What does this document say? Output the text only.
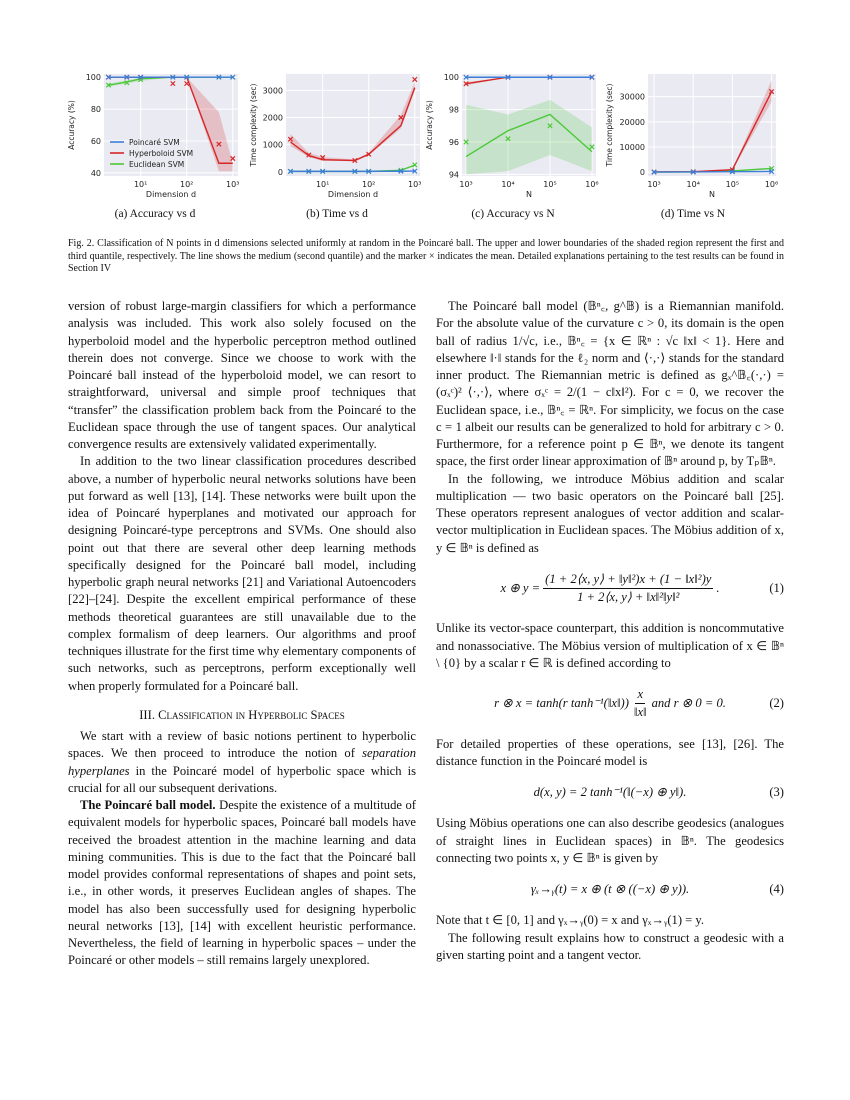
40
60
80
100
10¹	10²	10³
Dimension d
Accuracy (%)	Poincaré SVM
Hyperboloid SVM
Euclidean SVM
0
1000
2000
3000
10¹	10²	10³
Dimension d
Time complexity (sec)
94
96
98
100
10³	10⁴	10⁵	10⁶
N
Accuracy (%)
0
10000
20000
30000
10³	10⁴	10⁵	10⁶
N
Time complexity (sec)
(a) Accuracy vs d	(b) Time vs d	(c) Accuracy vs N	(d) Time vs N
Fig. 2. Classification of N points in d dimensions selected uniformly at random in the Poincaré ball. The upper and lower boundaries of the shaded region represent the first and third quantile, respectively. The line shows the medium (second quantile) and the marker × indicates the mean. Detailed explanations pertaining to the test results can be found in Section IV

version of robust large-margin classifiers for which a performance analysis was included. This work also solely focused on the hyperboloid model and the hyperbolic perceptron method outlined therein does not converge. Since we choose to work with the Poincaré ball instead of the hyperboloid model, we can resort to straightforward, universal and simple proof techniques that “transfer” the classification problem back from the Poincaré to the Euclidean space through the use of tangent spaces. Our analytical convergence results are extensively validated experimentally.

In addition to the two linear classification procedures described above, a number of hyperbolic neural networks solutions have been put forward as well [13], [14]. These networks were built upon the idea of Poincaré hyperplanes and motivated our approach for designing Poincaré-type perceptrons and SVMs. One should also point out that there are several other deep learning methods specifically designed for the Poincaré ball model, including hyperbolic graph neural networks [21] and Variational Autoencoders [22]–[24]. Despite the excellent empirical performance of these methods theoretical guarantees are still unavailable due to the complex formalism of deep learners. Our algorithms and proof techniques illustrate for the first time why elementary components of such networks, such as perceptrons, perform exceptionally well when properly formulated for a Poincaré ball.

III. Classification in Hyperbolic Spaces

We start with a review of basic notions pertinent to hyperbolic spaces. We then proceed to introduce the notion of separation hyperplanes in the Poincaré model of hyperbolic space which is crucial for all our subsequent derivations.

The Poincaré ball model. Despite the existence of a multitude of equivalent models for hyperbolic spaces, Poincaré ball models have received the broadest attention in the machine learning and data mining communities. This is due to the fact that the Poincaré ball model provides conformal representations of shapes and point sets, i.e., in other words, it preserves Euclidean angles of shapes. The model has also been successfully used for designing hyperbolic neural networks [13], [14] with excellent heuristic performance. Nevertheless, the field of learning in hyperbolic spaces – under the Poincaré or other models – still remains largely unexplored.

The Poincaré ball model (𝔹ⁿ꜀, g^𝔹) is a Riemannian manifold. For the absolute value of the curvature c > 0, its domain is the open ball of radius 1/√c, i.e., 𝔹ⁿ꜀ = {x ∈ ℝⁿ : √c ‖x‖ < 1}. Here and elsewhere ‖·‖ stands for the ℓ₂ norm and ⟨·,·⟩ stands for the standard inner product. The Riemannian metric is defined as gₓ^𝔹꜀(·,·) = (σₓᶜ)² ⟨·,·⟩, where σₓᶜ = 2/(1 − c‖x‖²). For c = 0, we recover the Euclidean space, i.e., 𝔹ⁿ꜀ = ℝⁿ. For simplicity, we focus on the case c = 1 albeit our results can be generalized to hold for arbitrary c > 0. Furthermore, for a reference point p ∈ 𝔹ⁿ, we denote its tangent space, the first order linear approximation of 𝔹ⁿ around p, by Tₚ𝔹ⁿ.

In the following, we introduce Möbius addition and scalar multiplication — two basic operators on the Poincaré ball [25]. These operators represent analogues of vector addition and scalar-vector multiplication in Euclidean spaces. The Möbius addition of x, y ∈ 𝔹ⁿ is defined as

x ⊕ $y = \frac{\text{(1 + 2⟨x, y⟩ + ‖y‖²)x + (1 − ‖x‖²)y}}{\text{1 + 2⟨x, y⟩ + ‖x‖²‖y‖²}}$ .	(1)

Unlike its vector-space counterpart, this addition is noncommutative and nonassociative. The Möbius version of multiplication of x ∈ 𝔹ⁿ \ {0} by a scalar r ∈ ℝ is defined according to

r ⊗ x = tanh(r tanh⁻¹(‖x‖)) $\frac{x}{‖x‖}$ and r ⊗ 0 = 0.	(2)

For detailed properties of these operations, see [13], [26]. The distance function in the Poincaré model is

d(x, y) = 2 tanh⁻¹(‖(−x) ⊕ y‖).	(3)

Using Möbius operations one can also describe geodesics (analogues of straight lines in Euclidean spaces) in 𝔹ⁿ. The geodesics connecting two points x, y ∈ 𝔹ⁿ is given by

γₓ→ᵧ(t) = x ⊕ (t ⊗ ((−x) ⊕ y)).	(4)

Note that t ∈ [0, 1] and γₓ→ᵧ(0) = x and γₓ→ᵧ(1) = y.

The following result explains how to construct a geodesic with a given starting point and a tangent vector.
